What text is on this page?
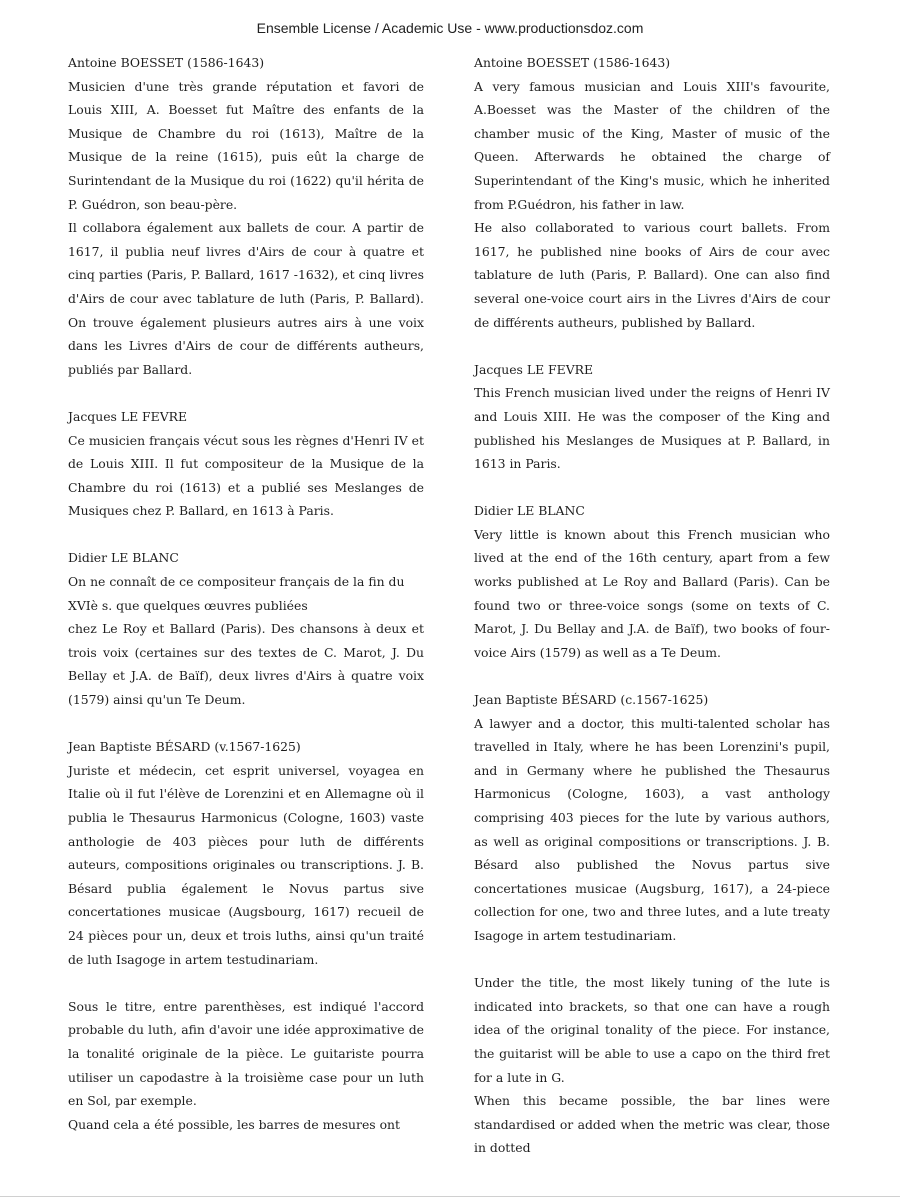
Ensemble License / Academic Use - www.productionsdoz.com

Antoine BOESSET (1586-1643)

Musicien d'une très grande réputation et favori de Louis XIII, A. Boesset fut Maître des enfants de la Musique de Chambre du roi (1613), Maître de la Musique de la reine (1615), puis eût la charge de Surintendant de la Musique du roi (1622) qu'il hérita de P. Guédron, son beau-père.

Il collabora également aux ballets de cour. A partir de 1617, il publia neuf livres d'Airs de cour à quatre et cinq parties (Paris, P. Ballard, 1617 -1632), et cinq livres d'Airs de cour avec tablature de luth (Paris, P. Ballard). On trouve également plusieurs autres airs à une voix dans les Livres d'Airs de cour de différents autheurs, publiés par Ballard.

Jacques LE FEVRE

Ce musicien français vécut sous les règnes d'Henri IV et de Louis XIII. Il fut compositeur de la Musique de la Chambre du roi (1613) et a publié ses Meslanges de Musiques chez P. Ballard, en 1613 à Paris.

Didier LE BLANC

On ne connaît de ce compositeur français de la fin du XVIè s. que quelques œuvres publiées

chez Le Roy et Ballard (Paris). Des chansons à deux et trois voix (certaines sur des textes de C. Marot, J. Du Bellay et J.A. de Baïf), deux livres d'Airs à quatre voix (1579) ainsi qu'un Te Deum.

Jean Baptiste BÉSARD (v.1567-1625)

Juriste et médecin, cet esprit universel, voyagea en Italie où il fut l'élève de Lorenzini et en Allemagne où il publia le Thesaurus Harmonicus (Cologne, 1603) vaste anthologie de 403 pièces pour luth de différents auteurs, compositions originales ou transcriptions. J. B. Bésard publia également le Novus partus sive concertationes musicae (Augsbourg, 1617) recueil de 24 pièces pour un, deux et trois luths, ainsi qu'un traité de luth Isagoge in artem testudinariam.

Sous le titre, entre parenthèses, est indiqué l'accord probable du luth, afin d'avoir une idée approximative de la tonalité originale de la pièce. Le guitariste pourra utiliser un capodastre à la troisième case pour un luth en Sol, par exemple.

Quand cela a été possible, les barres de mesures ont

Antoine BOESSET (1586-1643)

A very famous musician and Louis XIII's favourite, A.Boesset was the Master of the children of the chamber music of the King, Master of music of the Queen. Afterwards he obtained the charge of Superintendant of the King's music, which he inherited from P.Guédron, his father in law.

He also collaborated to various court ballets. From 1617, he published nine books of Airs de cour avec tablature de luth (Paris, P. Ballard). One can also find several one-voice court airs in the Livres d'Airs de cour de différents autheurs, published by Ballard.

Jacques LE FEVRE

This French musician lived under the reigns of Henri IV and Louis XIII. He was the composer of the King and published his Meslanges de Musiques at P. Ballard, in 1613 in Paris.

Didier LE BLANC

Very little is known about this French musician who lived at the end of the 16th century, apart from a few works published at Le Roy and Ballard (Paris). Can be found two or three-voice songs (some on texts of C. Marot, J. Du Bellay and J.A. de Baïf), two books of four-voice Airs (1579) as well as a Te Deum.

Jean Baptiste BÉSARD (c.1567-1625)

A lawyer and a doctor, this multi-talented scholar has travelled in Italy, where he has been Lorenzini's pupil, and in Germany where he published the Thesaurus Harmonicus (Cologne, 1603), a vast anthology comprising 403 pieces for the lute by various authors, as well as original compositions or transcriptions. J. B. Bésard also published the Novus partus sive concertationes musicae (Augsburg, 1617), a 24-piece collection for one, two and three lutes, and a lute treaty Isagoge in artem testudinariam.

Under the title, the most likely tuning of the lute is indicated into brackets, so that one can have a rough idea of the original tonality of the piece. For instance, the guitarist will be able to use a capo on the third fret for a lute in G.

When this became possible, the bar lines were standardised or added when the metric was clear, those in dotted
